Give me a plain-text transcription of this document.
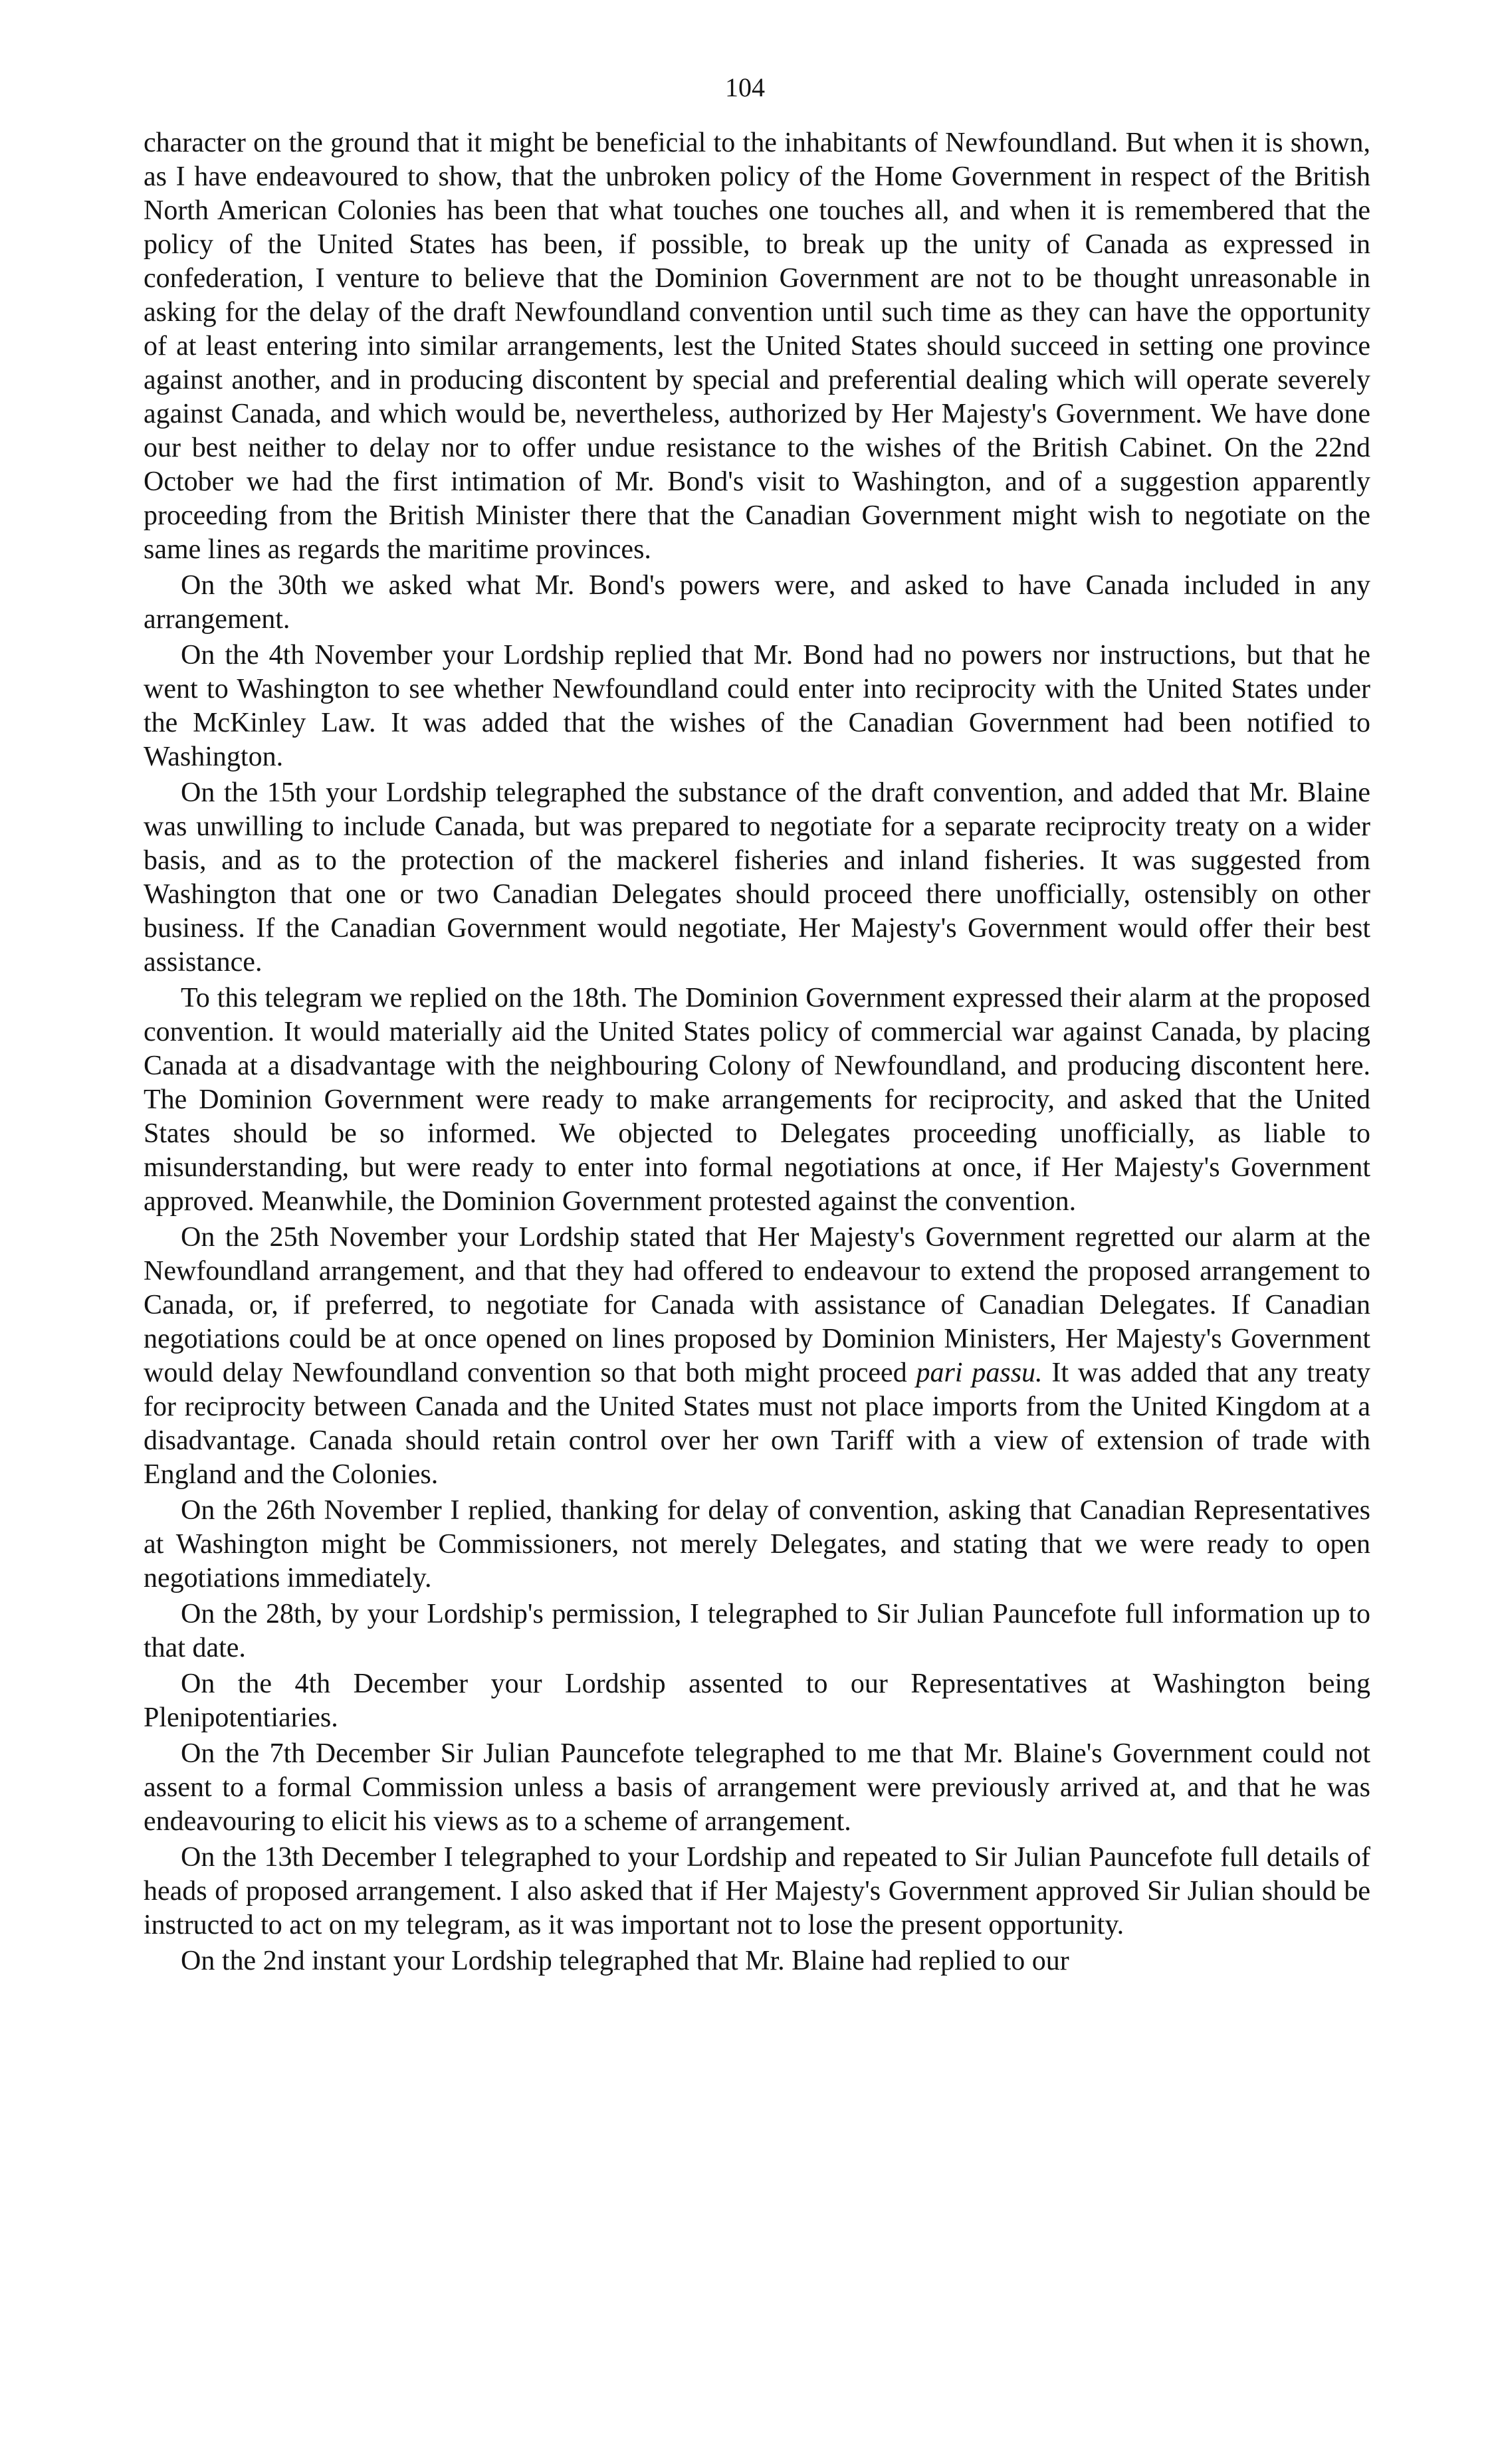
104

character on the ground that it might be beneficial to the inhabitants of Newfoundland. But when it is shown, as I have endeavoured to show, that the unbroken policy of the Home Government in respect of the British North American Colonies has been that what touches one touches all, and when it is remembered that the policy of the United States has been, if possible, to break up the unity of Canada as expressed in confederation, I venture to believe that the Dominion Government are not to be thought unreasonable in asking for the delay of the draft Newfoundland convention until such time as they can have the opportunity of at least entering into similar arrangements, lest the United States should succeed in setting one province against another, and in producing discontent by special and preferential dealing which will operate severely against Canada, and which would be, nevertheless, authorized by Her Majesty's Government. We have done our best neither to delay nor to offer undue resistance to the wishes of the British Cabinet. On the 22nd October we had the first intimation of Mr. Bond's visit to Washington, and of a suggestion apparently proceeding from the British Minister there that the Canadian Government might wish to negotiate on the same lines as regards the maritime provinces.

On the 30th we asked what Mr. Bond's powers were, and asked to have Canada included in any arrangement.

On the 4th November your Lordship replied that Mr. Bond had no powers nor instructions, but that he went to Washington to see whether Newfoundland could enter into reciprocity with the United States under the McKinley Law. It was added that the wishes of the Canadian Government had been notified to Washington.

On the 15th your Lordship telegraphed the substance of the draft convention, and added that Mr. Blaine was unwilling to include Canada, but was prepared to negotiate for a separate reciprocity treaty on a wider basis, and as to the protection of the mackerel fisheries and inland fisheries. It was suggested from Washington that one or two Canadian Delegates should proceed there unofficially, ostensibly on other business. If the Canadian Government would negotiate, Her Majesty's Government would offer their best assistance.

To this telegram we replied on the 18th. The Dominion Government expressed their alarm at the proposed convention. It would materially aid the United States policy of commercial war against Canada, by placing Canada at a disadvantage with the neighbouring Colony of Newfoundland, and producing discontent here. The Dominion Government were ready to make arrangements for reciprocity, and asked that the United States should be so informed. We objected to Delegates proceeding unofficially, as liable to misunderstanding, but were ready to enter into formal negotiations at once, if Her Majesty's Government approved. Meanwhile, the Dominion Government protested against the convention.

On the 25th November your Lordship stated that Her Majesty's Government regretted our alarm at the Newfoundland arrangement, and that they had offered to endeavour to extend the proposed arrangement to Canada, or, if preferred, to negotiate for Canada with assistance of Canadian Delegates. If Canadian negotiations could be at once opened on lines proposed by Dominion Ministers, Her Majesty's Government would delay Newfoundland convention so that both might proceed pari passu. It was added that any treaty for reciprocity between Canada and the United States must not place imports from the United Kingdom at a disadvantage. Canada should retain control over her own Tariff with a view of extension of trade with England and the Colonies.

On the 26th November I replied, thanking for delay of convention, asking that Canadian Representatives at Washington might be Commissioners, not merely Delegates, and stating that we were ready to open negotiations immediately.

On the 28th, by your Lordship's permission, I telegraphed to Sir Julian Pauncefote full information up to that date.

On the 4th December your Lordship assented to our Representatives at Washington being Plenipotentiaries.

On the 7th December Sir Julian Pauncefote telegraphed to me that Mr. Blaine's Government could not assent to a formal Commission unless a basis of arrangement were previously arrived at, and that he was endeavouring to elicit his views as to a scheme of arrangement.

On the 13th December I telegraphed to your Lordship and repeated to Sir Julian Pauncefote full details of heads of proposed arrangement. I also asked that if Her Majesty's Government approved Sir Julian should be instructed to act on my telegram, as it was important not to lose the present opportunity.

On the 2nd instant your Lordship telegraphed that Mr. Blaine had replied to our
